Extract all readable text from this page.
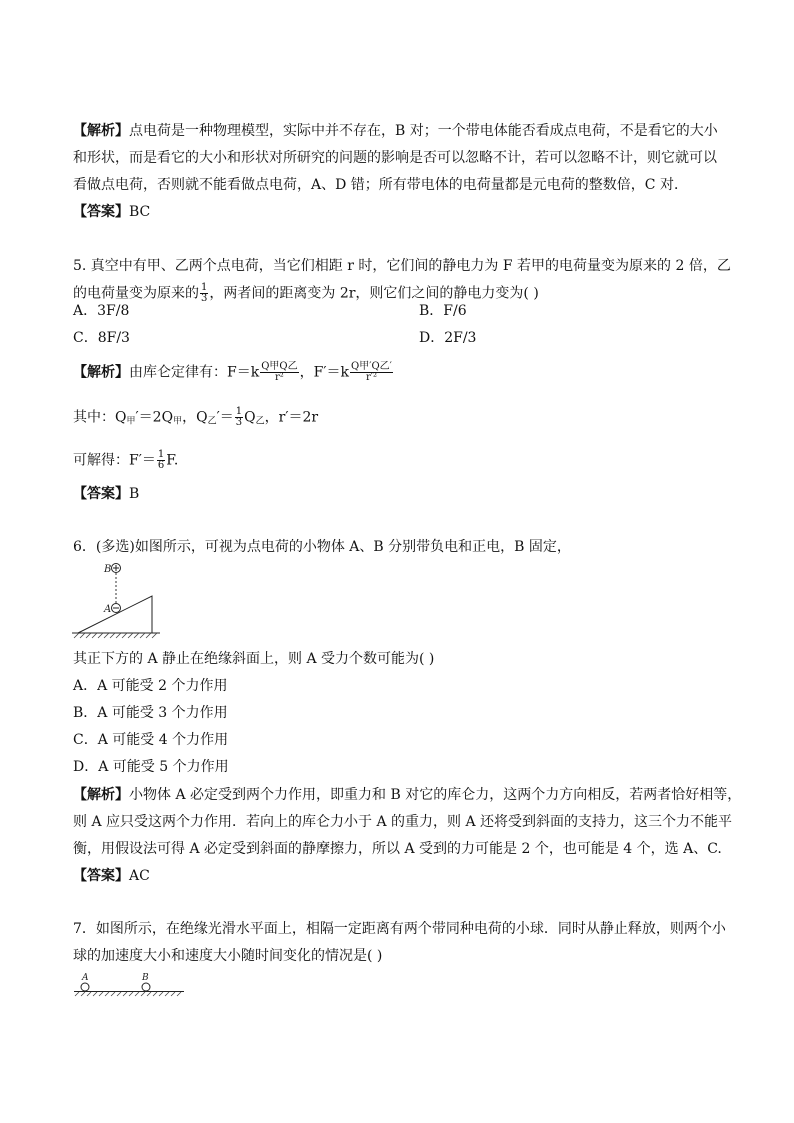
【解析】点电荷是一种物理模型，实际中并不存在，B 对；一个带电体能否看成点电荷，不是看它的大小
和形状，而是看它的大小和形状对所研究的问题的影响是否可以忽略不计，若可以忽略不计，则它就可以
看做点电荷，否则就不能看做点电荷，A、D 错；所有带电体的电荷量都是元电荷的整数倍，C 对．
【答案】BC
5. 真空中有甲、乙两个点电荷，当它们相距 r 时，它们间的静电力为 F 若甲的电荷量变为原来的 2 倍，乙
的电荷量变为原来的 $\frac{1}{3}$ ，两者间的距离变为 2r，则它们之间的静电力变为( )
A．3F/8	B．F/6
C．8F/3	D．2F/3
【解析】由库仑定律有：$F=k \frac{\text{Q甲Q乙}}{\text{r²}}$ ，$F'=k \frac{\text{Q甲′Q乙′}}{\text{r′²}}$
其中：$Q_甲'=2Q_甲$，$Q_乙'= \frac{1}{3} Q_乙$，r′＝2r
可解得：$F'= \frac{1}{6} F$.
【答案】B
6．(多选)如图所示，可视为点电荷的小物体 A、B 分别带负电和正电，B 固定，
B
A
其正下方的 A 静止在绝缘斜面上，则 A 受力个数可能为( )
A．A 可能受 2 个力作用
B．A 可能受 3 个力作用
C．A 可能受 4 个力作用
D．A 可能受 5 个力作用
【解析】小物体 A 必定受到两个力作用，即重力和 B 对它的库仑力，这两个力方向相反，若两者恰好相等，
则 A 应只受这两个力作用．若向上的库仑力小于 A 的重力，则 A 还将受到斜面的支持力，这三个力不能平
衡，用假设法可得 A 必定受到斜面的静摩擦力，所以 A 受到的力可能是 2 个，也可能是 4 个，选 A、C.
【答案】AC
7．如图所示，在绝缘光滑水平面上，相隔一定距离有两个带同种电荷的小球．同时从静止释放，则两个小
球的加速度大小和速度大小随时间变化的情况是( )
A	B
